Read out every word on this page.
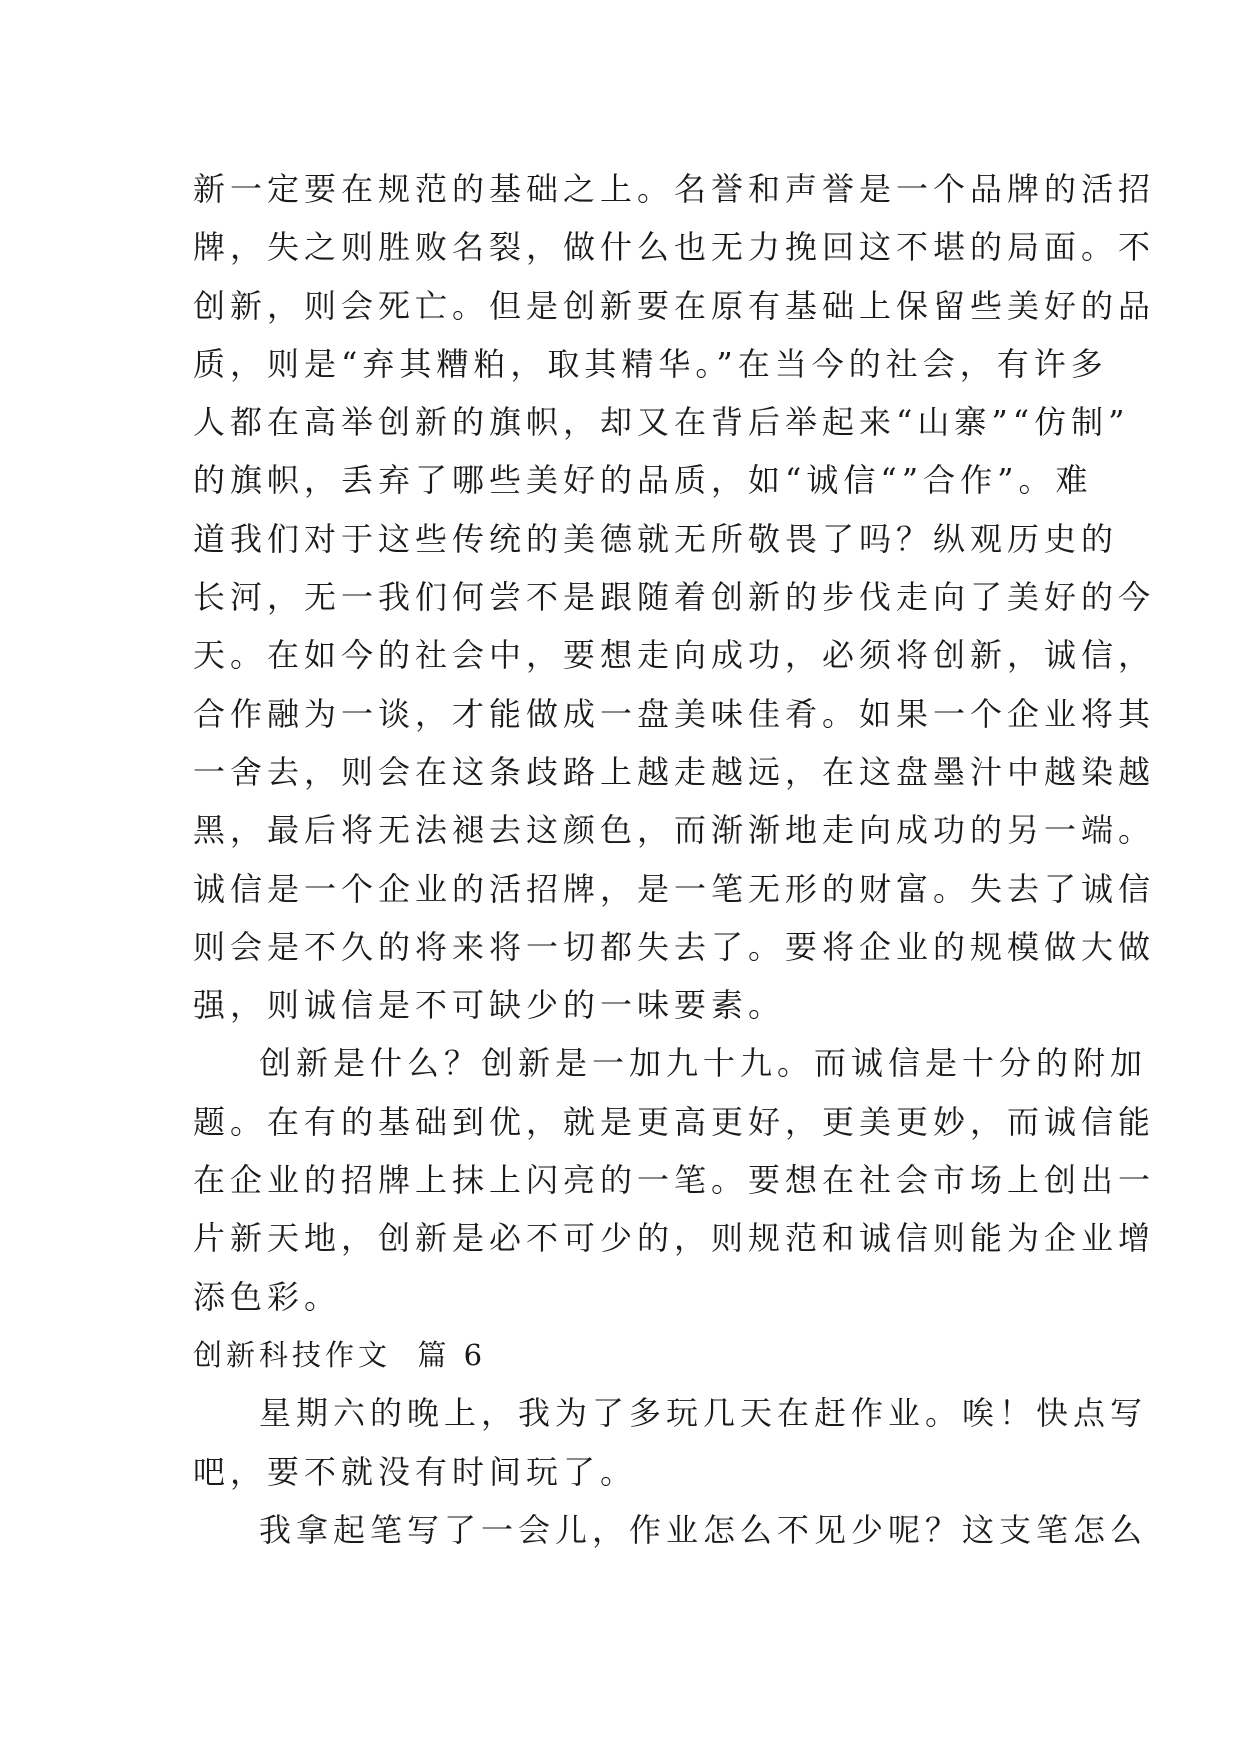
新一定要在规范的基础之上。名誉和声誉是一个品牌的活招
牌，失之则胜败名裂，做什么也无力挽回这不堪的局面。不
创新，则会死亡。但是创新要在原有基础上保留些美好的品
质，则是“弃其糟粕，取其精华。”在当今的社会，有许多
人都在高举创新的旗帜，却又在背后举起来“山寨”“仿制”
的旗帜，丢弃了哪些美好的品质，如“诚信“”合作”。难
道我们对于这些传统的美德就无所敬畏了吗？纵观历史的
长河，无一我们何尝不是跟随着创新的步伐走向了美好的今
天。在如今的社会中，要想走向成功，必须将创新，诚信，
合作融为一谈，才能做成一盘美味佳肴。如果一个企业将其
一舍去，则会在这条歧路上越走越远，在这盘墨汁中越染越
黑，最后将无法褪去这颜色，而渐渐地走向成功的另一端。
诚信是一个企业的活招牌，是一笔无形的财富。失去了诚信
则会是不久的将来将一切都失去了。要将企业的规模做大做
强，则诚信是不可缺少的一味要素。
创新是什么？创新是一加九十九。而诚信是十分的附加
题。在有的基础到优，就是更高更好，更美更妙，而诚信能
在企业的招牌上抹上闪亮的一笔。要想在社会市场上创出一
片新天地，创新是必不可少的，则规范和诚信则能为企业增
添色彩。
创新科技作文  篇 6
星期六的晚上，我为了多玩几天在赶作业。唉！快点写
吧，要不就没有时间玩了。
我拿起笔写了一会儿，作业怎么不见少呢？这支笔怎么
